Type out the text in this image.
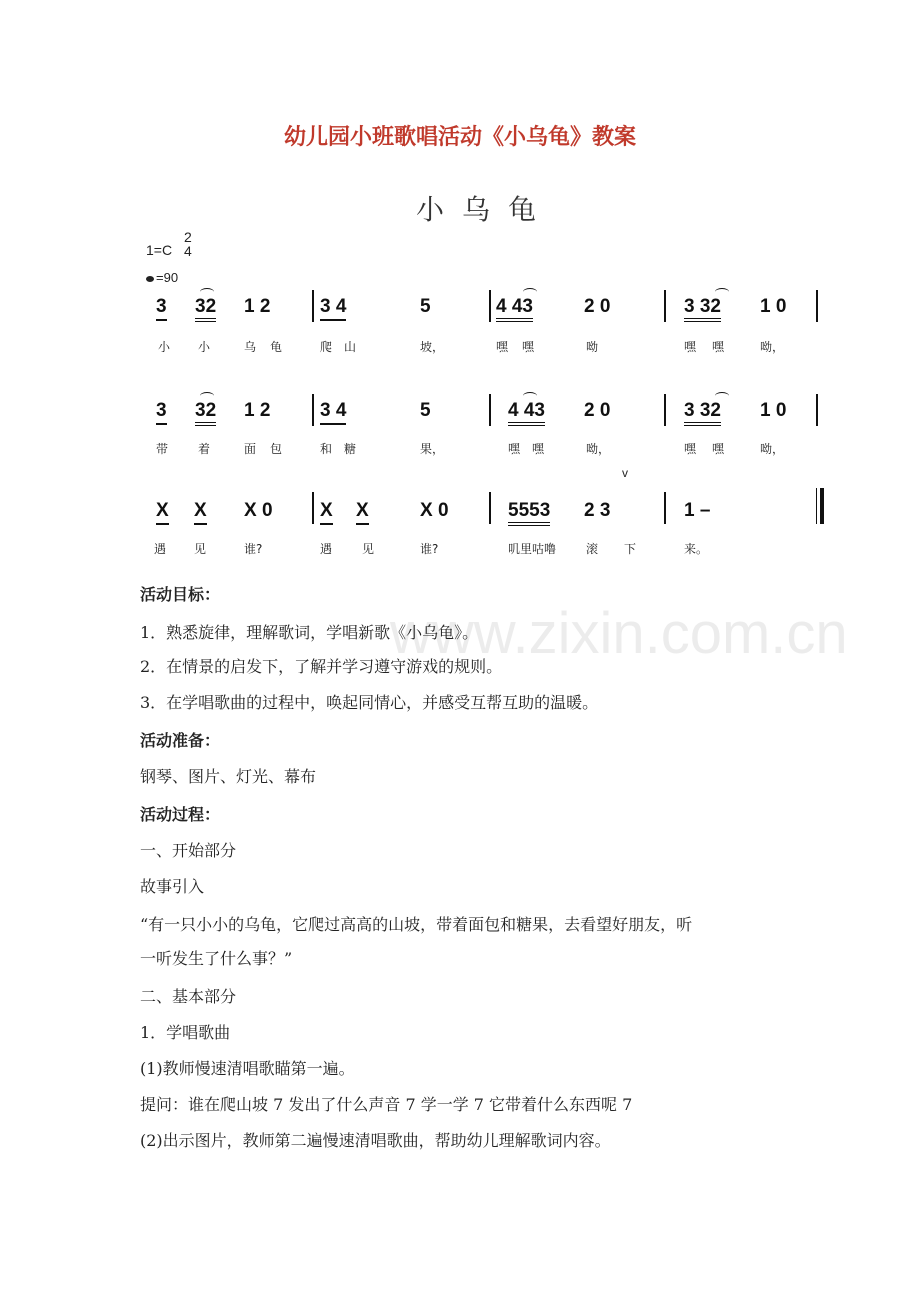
幼儿园小班歌唱活动《小乌龟》教案
小乌龟
1=C
2
4
=90
3 32 1 2	3 4	5	4 43	2 0	3 32 1 0
小 小	乌 龟	爬 山	坡，	嘿 嘿	呦	嘿 嘿	呦，
3 32 1 2	3 4	5	4 43 2 0	3 32 1 0
带 着	面 包	和 糖	果，	嘿 嘿	呦，	嘿 嘿	呦，
v
X X X 0 X X	X 0	5553 2 3	1 –
遇 见	谁?	遇 见	谁?	叽里咕噜 滚 下	来。
www.zixin.com.cn
活动目标：
1．熟悉旋律，理解歌词，学唱新歌《小乌龟》。
2．在情景的启发下，了解并学习遵守游戏的规则。
3．在学唱歌曲的过程中，唤起同情心，并感受互帮互助的温暖。
活动准备：
钢琴、图片、灯光、幕布
活动过程：
一、开始部分
故事引入
“有一只小小的乌龟，它爬过高高的山坡，带着面包和糖果，去看望好朋友，听
一听发生了什么事？”
二、基本部分
1．学唱歌曲
(1)教师慢速清唱歌瞄第一遍。
提问：谁在爬山坡 7 发出了什么声音 7 学一学 7 它带着什么东西呢 7
(2)出示图片，教师第二遍慢速清唱歌曲，帮助幼儿理解歌词内容。
